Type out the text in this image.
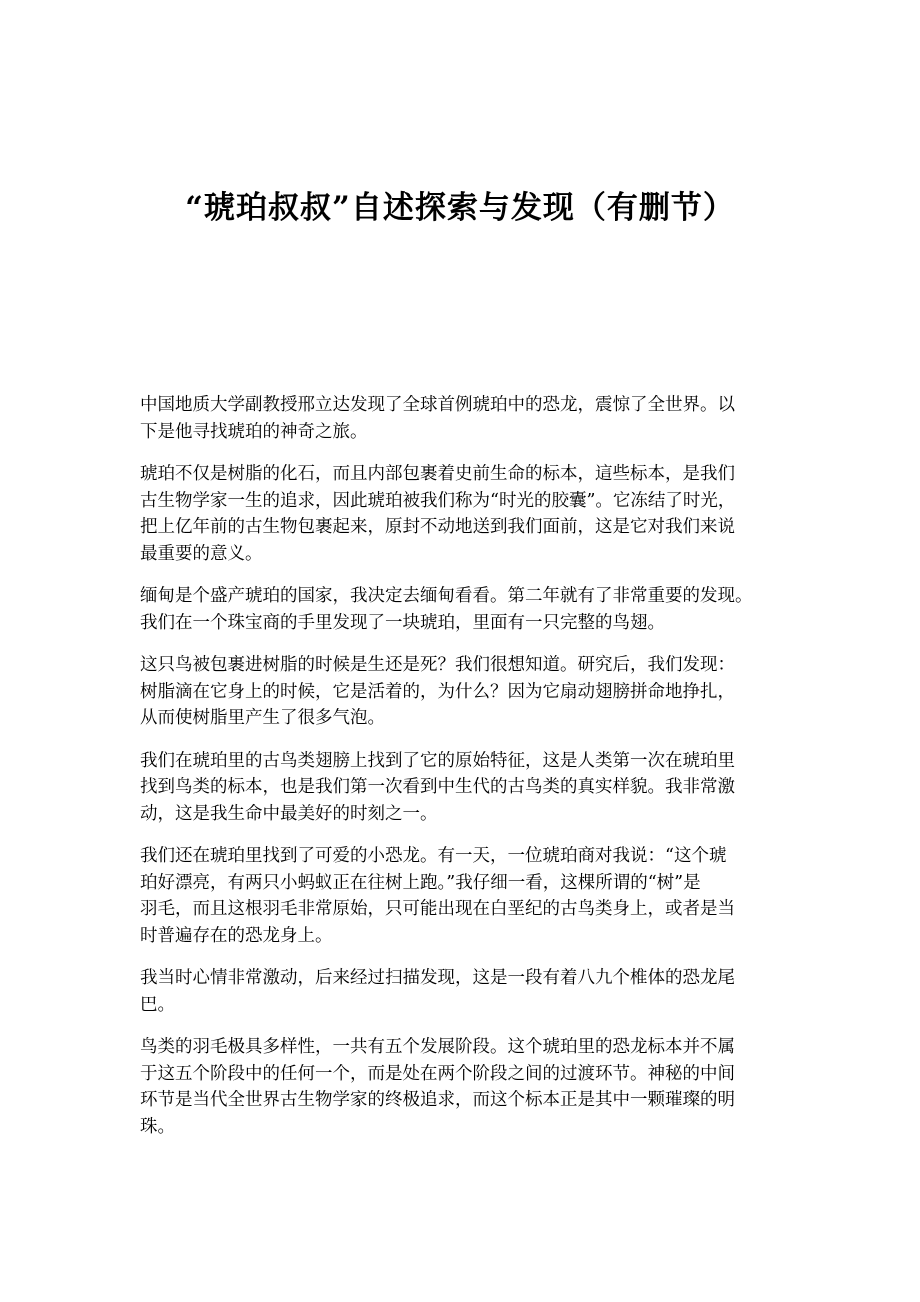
“琥珀叔叔”自述探索与发现（有删节）

中国地质大学副教授邢立达发现了全球首例琥珀中的恐龙，震惊了全世界。以
下是他寻找琥珀的神奇之旅。

琥珀不仅是树脂的化石，而且内部包裹着史前生命的标本，這些标本，是我们
古生物学家一生的追求，因此琥珀被我们称为“时光的胶囊”。它冻结了时光，
把上亿年前的古生物包裹起来，原封不动地送到我们面前，这是它对我们来说
最重要的意义。

缅甸是个盛产琥珀的国家，我决定去缅甸看看。第二年就有了非常重要的发现。
我们在一个珠宝商的手里发现了一块琥珀，里面有一只完整的鸟翅。

这只鸟被包裹进树脂的时候是生还是死？我们很想知道。研究后，我们发现：
树脂滴在它身上的时候，它是活着的，为什么？因为它扇动翅膀拼命地挣扎，
从而使树脂里产生了很多气泡。

我们在琥珀里的古鸟类翅膀上找到了它的原始特征，这是人类第一次在琥珀里
找到鸟类的标本，也是我们第一次看到中生代的古鸟类的真实样貌。我非常激
动，这是我生命中最美好的时刻之一。

我们还在琥珀里找到了可爱的小恐龙。有一天，一位琥珀商对我说：“这个琥
珀好漂亮，有两只小蚂蚁正在往树上跑。”我仔细一看，这棵所谓的“树”是
羽毛，而且这根羽毛非常原始，只可能出现在白垩纪的古鸟类身上，或者是当
时普遍存在的恐龙身上。

我当时心情非常激动，后来经过扫描发现，这是一段有着八九个椎体的恐龙尾
巴。

鸟类的羽毛极具多样性，一共有五个发展阶段。这个琥珀里的恐龙标本并不属
于这五个阶段中的任何一个，而是处在两个阶段之间的过渡环节。神秘的中间
环节是当代全世界古生物学家的终极追求，而这个标本正是其中一颗璀璨的明
珠。
